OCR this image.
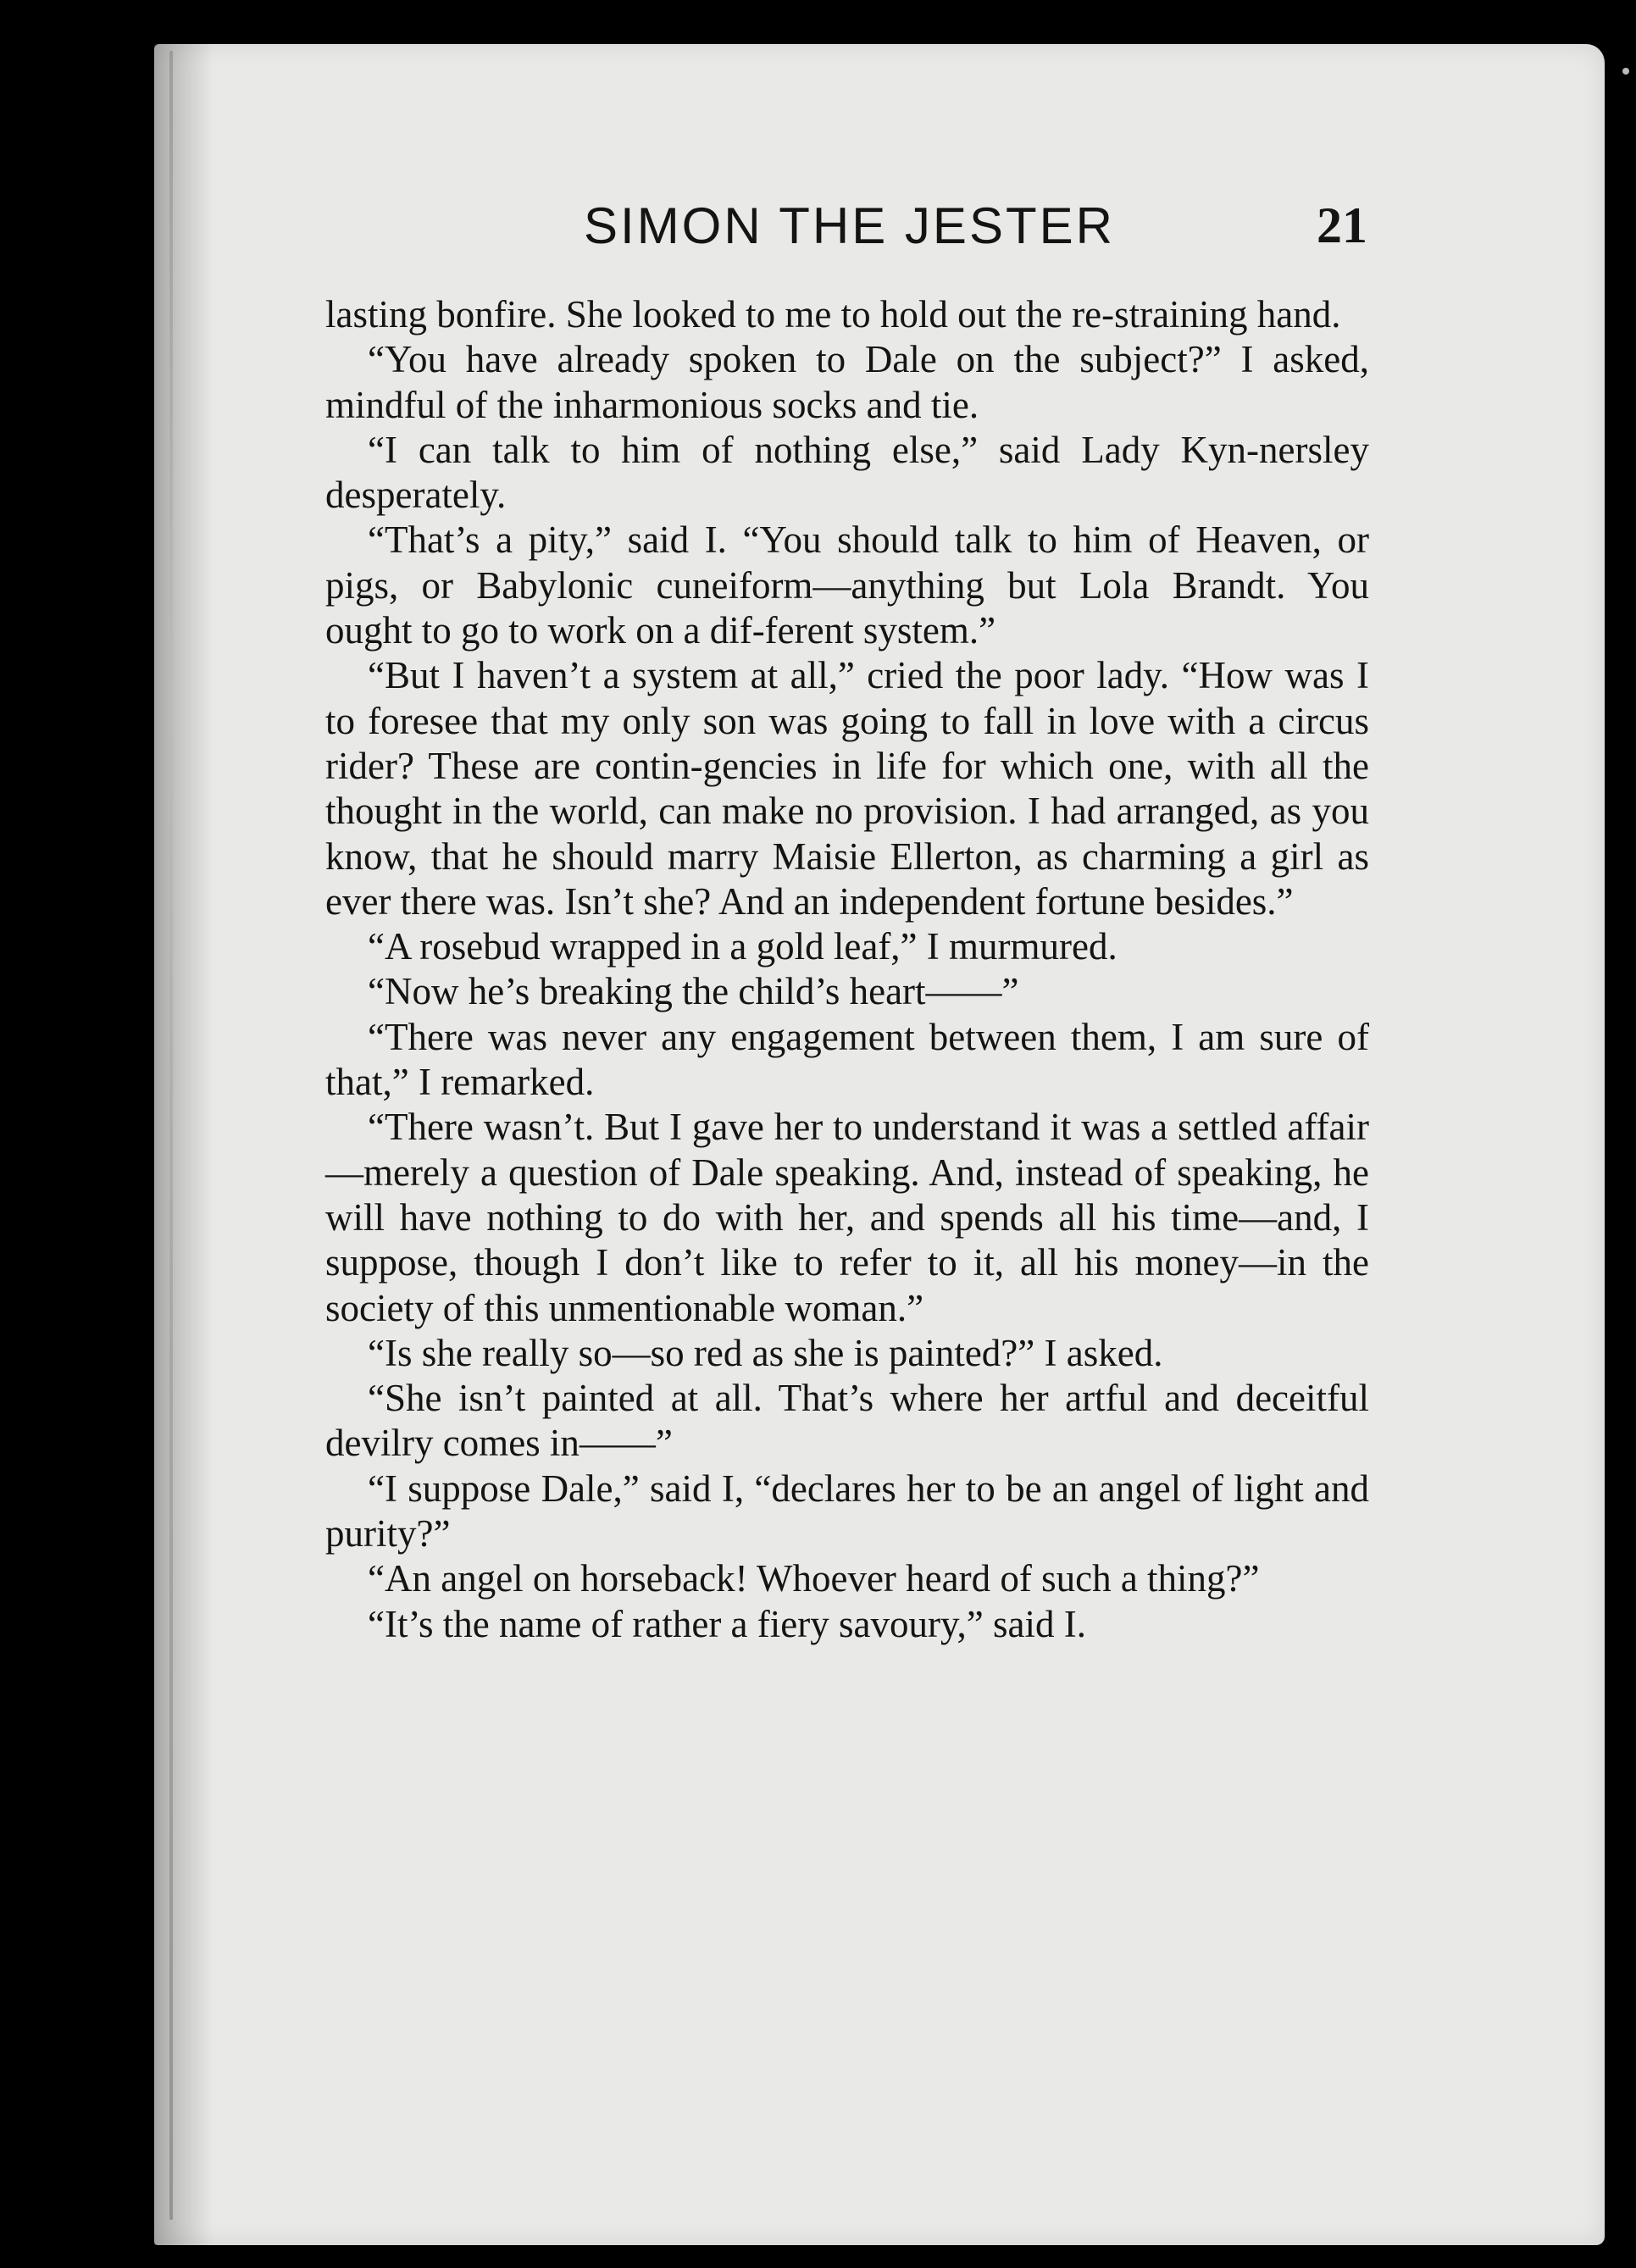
SIMON THE JESTER	21

lasting bonfire. She looked to me to hold out the re-straining hand.

“You have already spoken to Dale on the subject?” I asked, mindful of the inharmonious socks and tie.

“I can talk to him of nothing else,” said Lady Kyn-nersley desperately.

“That’s a pity,” said I. “You should talk to him of Heaven, or pigs, or Babylonic cuneiform—anything but Lola Brandt. You ought to go to work on a dif-ferent system.”

“But I haven’t a system at all,” cried the poor lady. “How was I to foresee that my only son was going to fall in love with a circus rider? These are contin-gencies in life for which one, with all the thought in the world, can make no provision. I had arranged, as you know, that he should marry Maisie Ellerton, as charming a girl as ever there was. Isn’t she? And an independent fortune besides.”

“A rosebud wrapped in a gold leaf,” I murmured.

“Now he’s breaking the child’s heart——”

“There was never any engagement between them, I am sure of that,” I remarked.

“There wasn’t. But I gave her to understand it was a settled affair—merely a question of Dale speaking. And, instead of speaking, he will have nothing to do with her, and spends all his time—and, I suppose, though I don’t like to refer to it, all his money—in the society of this unmentionable woman.”

“Is she really so—so red as she is painted?” I asked.

“She isn’t painted at all. That’s where her artful and deceitful devilry comes in——”

“I suppose Dale,” said I, “declares her to be an angel of light and purity?”

“An angel on horseback! Whoever heard of such a thing?”

“It’s the name of rather a fiery savoury,” said I.
